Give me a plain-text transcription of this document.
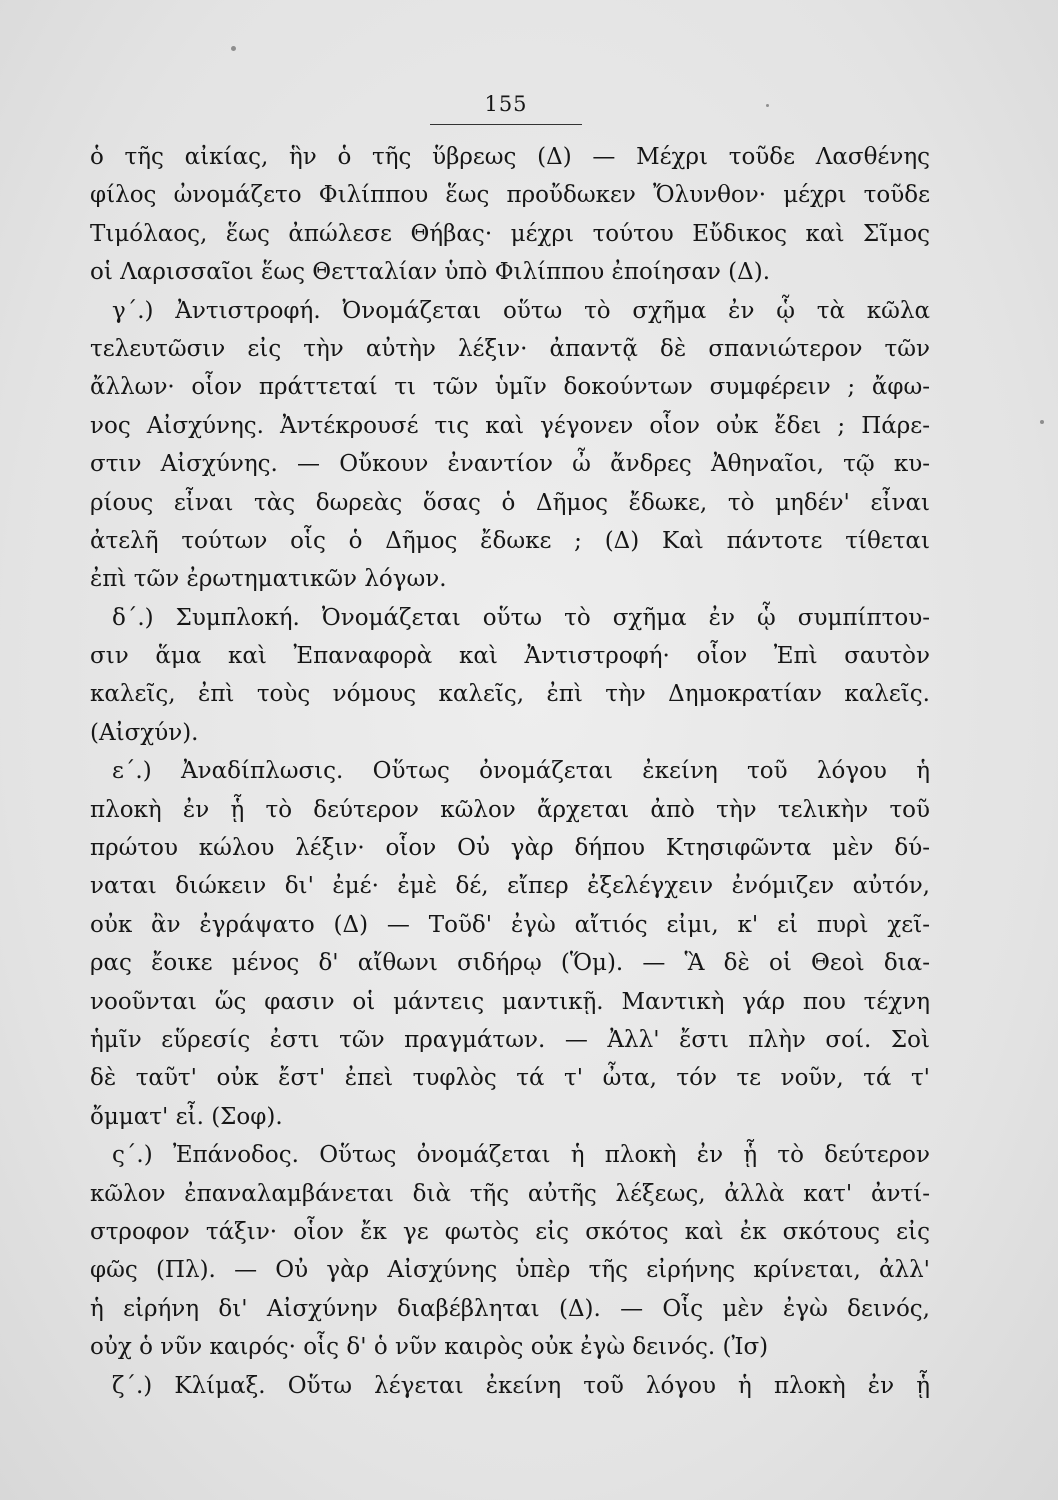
155
ὁ τῆς αἰκίας, ἣν ὁ τῆς ὕβρεως (Δ) — Μέχρι τοῦδε Λασθένης
φίλος ὠνομάζετο Φιλίππου ἕως προὔδωκεν Ὄλυνθον· μέχρι τοῦδε
Τιμόλαος, ἕως ἀπώλεσε Θήβας· μέχρι τούτου Εὔδικος καὶ Σῖμος
οἱ Λαρισσαῖοι ἕως Θετταλίαν ὑπὸ Φιλίππου ἐποίησαν (Δ).
γ΄.) Ἀντιστροφή. Ὀνομάζεται οὕτω τὸ σχῆμα ἐν ᾧ τὰ κῶλα
τελευτῶσιν εἰς τὴν αὐτὴν λέξιν· ἀπαντᾷ δὲ σπανιώτερον τῶν
ἄλλων· οἷον πράττεταί τι τῶν ὑμῖν δοκούντων συμφέρειν ; ἄφω-
νος Αἰσχύνης. Ἀντέκρουσέ τις καὶ γέγονεν οἷον οὐκ ἔδει ; Πάρε-
στιν Αἰσχύνης. — Οὔκουν ἐναντίον ὦ ἄνδρες Ἀθηναῖοι, τῷ κυ-
ρίους εἶναι τὰς δωρεὰς ὅσας ὁ Δῆμος ἔδωκε, τὸ μηδέν' εἶναι
ἀτελῆ τούτων οἷς ὁ Δῆμος ἔδωκε ; (Δ) Καὶ πάντοτε τίθεται
ἐπὶ τῶν ἐρωτηματικῶν λόγων.
δ΄.) Συμπλοκή. Ὀνομάζεται οὕτω τὸ σχῆμα ἐν ᾧ συμπίπτου-
σιν ἅμα καὶ Ἐπαναφορὰ καὶ Ἀντιστροφή· οἷον Ἐπὶ σαυτὸν
καλεῖς, ἐπὶ τοὺς νόμους καλεῖς, ἐπὶ τὴν Δημοκρατίαν καλεῖς.
(Αἰσχύν).
ε΄.) Ἀναδίπλωσις. Οὕτως ὀνομάζεται ἐκείνη τοῦ λόγου ἡ
πλοκὴ ἐν ᾗ τὸ δεύτερον κῶλον ἄρχεται ἀπὸ τὴν τελικὴν τοῦ
πρώτου κώλου λέξιν· οἷον Οὐ γὰρ δήπου Κτησιφῶντα μὲν δύ-
ναται διώκειν δι' ἐμέ· ἐμὲ δέ, εἴπερ ἐξελέγχειν ἐνόμιζεν αὐτόν,
οὐκ ἂν ἐγράψατο (Δ) — Τοῦδ' ἐγὼ αἴτιός εἰμι, κ' εἰ πυρὶ χεῖ-
ρας ἔοικε μένος δ' αἴθωνι σιδήρῳ (Ὅμ). — Ἃ δὲ οἱ Θεοὶ δια-
νοοῦνται ὥς φασιν οἱ μάντεις μαντικῇ. Μαντικὴ γάρ που τέχνη
ἡμῖν εὕρεσίς ἐστι τῶν πραγμάτων. — Ἀλλ' ἔστι πλὴν σοί. Σοὶ
δὲ ταῦτ' οὐκ ἔστ' ἐπεὶ τυφλὸς τά τ' ὦτα, τόν τε νοῦν, τά τ'
ὄμματ' εἶ. (Σοφ).
ς΄.) Ἐπάνοδος. Οὕτως ὀνομάζεται ἡ πλοκὴ ἐν ᾗ τὸ δεύτερον
κῶλον ἐπαναλαμβάνεται διὰ τῆς αὐτῆς λέξεως, ἀλλὰ κατ' ἀντί-
στροφον τάξιν· οἷον ἔκ γε φωτὸς εἰς σκότος καὶ ἐκ σκότους εἰς
φῶς (Πλ). — Οὐ γὰρ Αἰσχύνης ὑπὲρ τῆς εἰρήνης κρίνεται, ἀλλ'
ἡ εἰρήνη δι' Αἰσχύνην διαβέβληται (Δ). — Οἷς μὲν ἐγὼ δεινός,
οὐχ ὁ νῦν καιρός· οἷς δ' ὁ νῦν καιρὸς οὐκ ἐγὼ δεινός. (Ἰσ)
ζ΄.) Κλίμαξ. Οὕτω λέγεται ἐκείνη τοῦ λόγου ἡ πλοκὴ ἐν ᾗ
